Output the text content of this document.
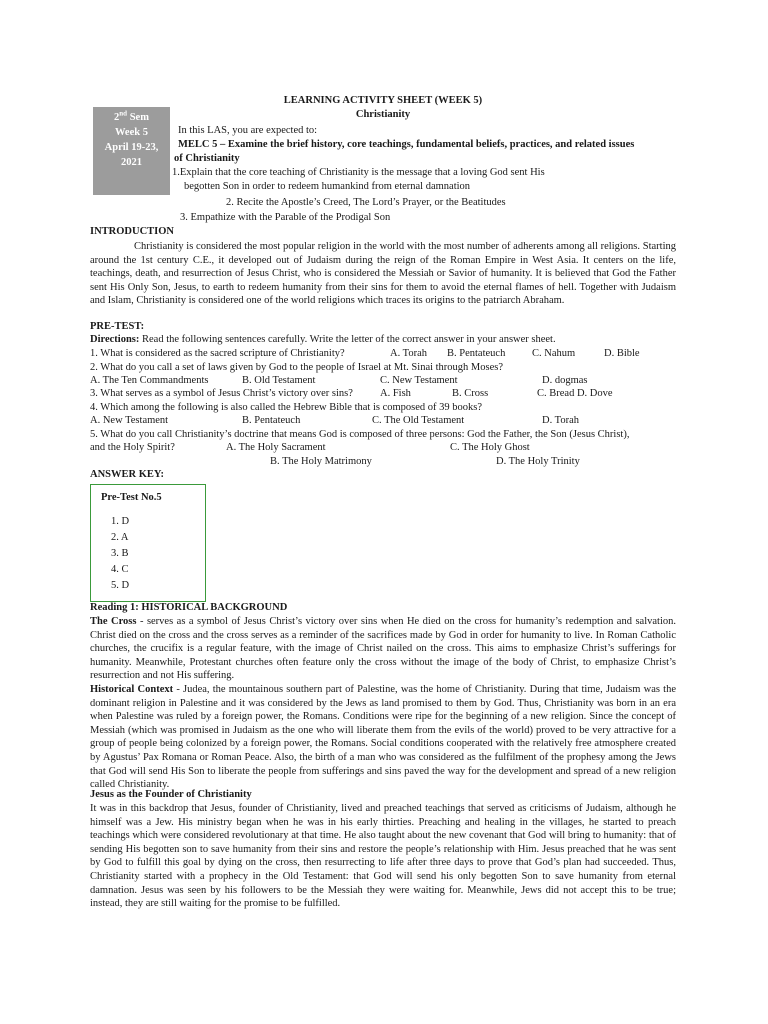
LEARNING ACTIVITY SHEET (WEEK 5)
Christianity
2nd Sem
Week 5
April 19-23,
2021
In this LAS, you are expected to:
MELC 5 – Examine the brief history, core teachings, fundamental beliefs, practices, and related issues
of Christianity
1.Explain that the core teaching of Christianity is the message that a loving God sent His
begotten Son in order to redeem humankind from eternal damnation
2. Recite the Apostle’s Creed, The Lord’s Prayer, or the Beatitudes
3. Empathize with the Parable of the Prodigal Son
INTRODUCTION

Christianity is considered the most popular religion in the world with the most number of adherents among all religions. Starting around the 1st century C.E., it developed out of Judaism during the reign of the Roman Empire in West Asia. It centers on the life, teachings, death, and resurrection of Jesus Christ, who is considered the Messiah or Savior of humanity. It is believed that God the Father sent His Only Son, Jesus, to earth to redeem humanity from their sins for them to avoid the eternal flames of hell. Together with Judaism and Islam, Christianity is considered one of the world religions which traces its origins to the patriarch Abraham.

PRE-TEST:
Directions: Read the following sentences carefully. Write the letter of the correct answer in your answer sheet.
1. What is considered as the sacred scripture of Christianity?	A. Torah B. Pentateuch	C. Nahum	D. Bible
2. What do you call a set of laws given by God to the people of Israel at Mt. Sinai through Moses?
A. The Ten Commandments	B. Old Testament	C. New Testament	D. dogmas
3. What serves as a symbol of Jesus Christ’s victory over sins?	A. Fish	B. Cross	C. Bread D. Dove
4. Which among the following is also called the Hebrew Bible that is composed of 39 books?
A. New Testament	B. Pentateuch	C. The Old Testament	D. Torah
5. What do you call Christianity’s doctrine that means God is composed of three persons: God the Father, the Son (Jesus Christ),
and the Holy Spirit?	A. The Holy Sacrament	C. The Holy Ghost
B. The Holy Matrimony	D. The Holy Trinity
ANSWER KEY:
Pre-Test No.5
1. D
2. A
3. B
4. C
5. D
Reading 1: HISTORICAL BACKGROUND

The Cross - serves as a symbol of Jesus Christ’s victory over sins when He died on the cross for humanity’s redemption and salvation. Christ died on the cross and the cross serves as a reminder of the sacrifices made by God in order for humanity to live. In Roman Catholic churches, the crucifix is a regular feature, with the image of Christ nailed on the cross. This aims to emphasize Christ’s sufferings for humanity. Meanwhile, Protestant churches often feature only the cross without the image of the body of Christ, to emphasize Christ’s resurrection and not His suffering.

Historical Context - Judea, the mountainous southern part of Palestine, was the home of Christianity. During that time, Judaism was the dominant religion in Palestine and it was considered by the Jews as land promised to them by God. Thus, Christianity was born in an era when Palestine was ruled by a foreign power, the Romans. Conditions were ripe for the beginning of a new religion. Since the concept of Messiah (which was promised in Judaism as the one who will liberate them from the evils of the world) proved to be very attractive for a group of people being colonized by a foreign power, the Romans. Social conditions cooperated with the relatively free atmosphere created by Agustus’ Pax Romana or Roman Peace. Also, the birth of a man who was considered as the fulfilment of the prophesy among the Jews that God will send His Son to liberate the people from sufferings and sins paved the way for the development and spread of a new religion called Christianity.

Jesus as the Founder of Christianity

It was in this backdrop that Jesus, founder of Christianity, lived and preached teachings that served as criticisms of Judaism, although he himself was a Jew. His ministry began when he was in his early thirties. Preaching and healing in the villages, he started to preach teachings which were considered revolutionary at that time. He also taught about the new covenant that God will bring to humanity: that of sending His begotten son to save humanity from their sins and restore the people’s relationship with Him. Jesus preached that he was sent by God to fulfill this goal by dying on the cross, then resurrecting to life after three days to prove that God’s plan had succeeded. Thus, Christianity started with a prophecy in the Old Testament: that God will send his only begotten Son to save humanity from eternal damnation. Jesus was seen by his followers to be the Messiah they were waiting for. Meanwhile, Jews did not accept this to be true; instead, they are still waiting for the promise to be fulfilled.
